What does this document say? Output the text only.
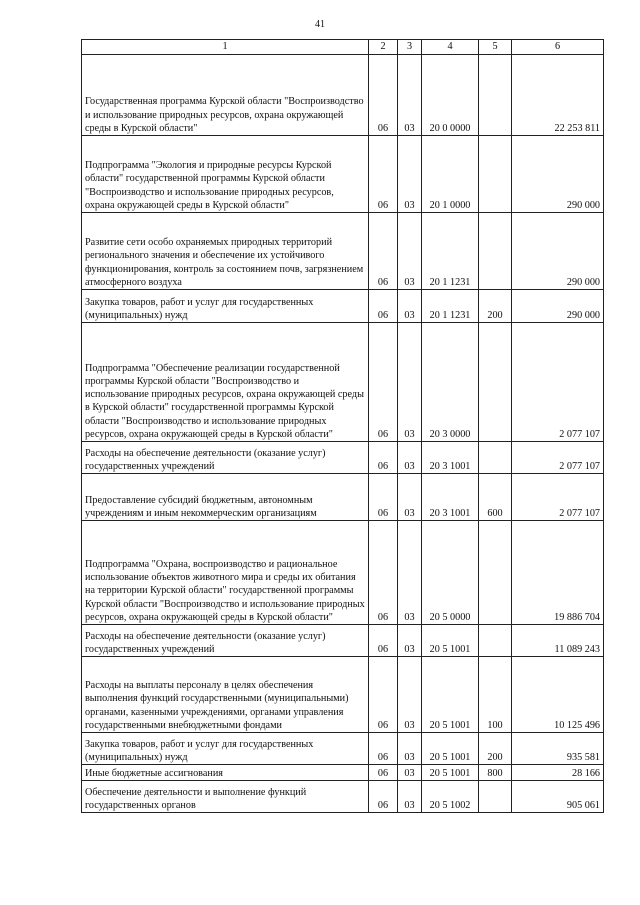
41
1	2	3	4	5	6
Государственная программа Курской области "Воспроизводство и использование природных ресурсов, охрана окружающей среды в Курской области"	06	03	20 0 0000		22 253 811
Подпрограмма "Экология и природные ресурсы Курской области" государственной программы Курской области "Воспроизводство и использование природных ресурсов, охрана окружающей среды в Курской области"	06	03	20 1 0000		290 000
Развитие сети особо охраняемых природных территорий регионального значения и обеспечение их устойчивого функционирования, контроль за состоянием почв, загрязнением атмосферного воздуха	06	03	20 1 1231		290 000
Закупка товаров, работ и услуг для государственных (муниципальных) нужд	06	03	20 1 1231	200	290 000
Подпрограмма "Обеспечение реализации государственной программы Курской области "Воспроизводство и использование природных ресурсов, охрана окружающей среды в Курской области" государственной программы Курской области "Воспроизводство и использование природных ресурсов, охрана окружающей среды в Курской области"	06	03	20 3 0000		2 077 107
Расходы на обеспечение деятельности (оказание услуг) государственных учреждений	06	03	20 3 1001		2 077 107
Предоставление субсидий бюджетным, автономным учреждениям и иным некоммерческим организациям	06	03	20 3 1001	600	2 077 107
Подпрограмма "Охрана, воспроизводство и рациональное использование объектов животного мира и среды их обитания на территории Курской области" государственной программы Курской области "Воспроизводство и использование природных ресурсов, охрана окружающей среды в Курской области"	06	03	20 5 0000		19 886 704
Расходы на обеспечение деятельности (оказание услуг) государственных учреждений	06	03	20 5 1001		11 089 243
Расходы на выплаты персоналу в целях обеспечения выполнения функций государственными (муниципальными) органами, казенными учреждениями, органами управления государственными внебюджетными фондами	06	03	20 5 1001	100	10 125 496
Закупка товаров, работ и услуг для государственных (муниципальных) нужд	06	03	20 5 1001	200	935 581
Иные бюджетные ассигнования	06	03	20 5 1001	800	28 166
Обеспечение деятельности и выполнение функций государственных органов	06	03	20 5 1002		905 061
